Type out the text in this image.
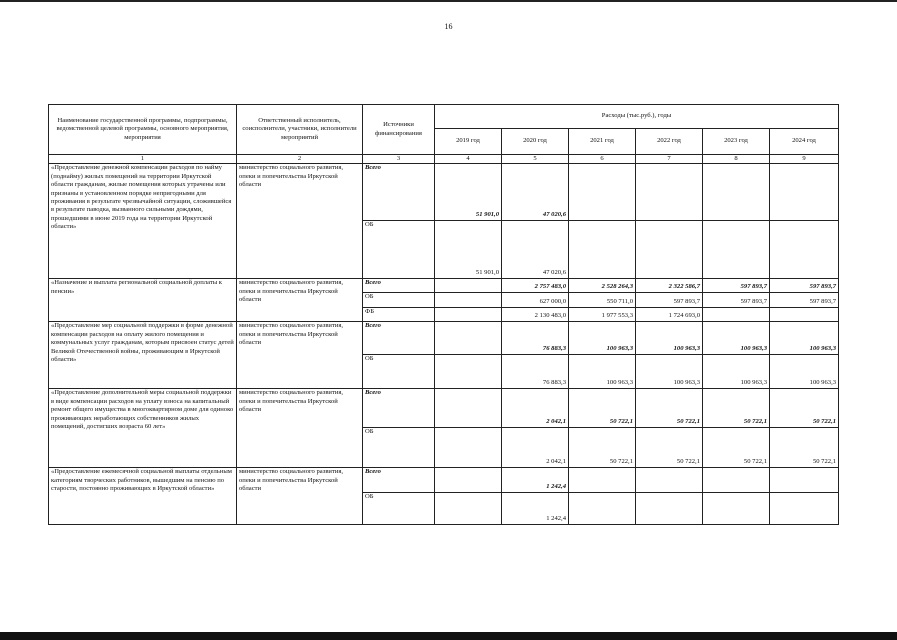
16
Наименование государственной программы, подпрограммы, ведомственной целевой программы, основного мероприятия, мероприятия	Ответственный исполнитель, соисполнители, участники, исполнители мероприятий	Источники финансирования	Расходы (тыс.руб.), годы					
			2019 год	2020 год	2021 год	2022 год	2023 год	2024 год
1	2	3	4	5	6	7	8	9
«Предоставление денежной компенсации расходов по найму (поднайму) жилых помещений на территории Иркутской области гражданам, жилые помещения которых утрачены или признаны в установленном порядке непригодными для проживания в результате чрезвычайной ситуации, сложившейся в результате паводка, вызванного сильными дождями, прошедшими в июне 2019 года на территории Иркутской области»	министерство социального развития, опеки и попечительства Иркутской области	Всего	51 901,0	47 020,6				
		ОБ	51 901,0	47 020,6				
«Назначение и выплата региональной социальной доплаты к пенсии»	министерство социального развития, опеки и попечительства Иркутской области	Всего		2 757 483,0	2 528 264,3	2 322 586,7	597 893,7	597 893,7
		ОБ		627 000,0	550 711,0	597 893,7	597 893,7	597 893,7
		ФБ		2 130 483,0	1 977 553,3	1 724 693,0		
«Предоставление мер социальной поддержки в форме денежной компенсации расходов на оплату жилого помещения и коммунальных услуг гражданам, которым присвоен статус детей Великой Отечественной войны, проживающим в Иркутской области»	министерство социального развития, опеки и попечительства Иркутской области	Всего		76 883,3	100 963,3	100 963,3	100 963,3	100 963,3
		ОБ		76 883,3	100 963,3	100 963,3	100 963,3	100 963,3
«Предоставление дополнительной меры социальной поддержки в виде компенсации расходов на уплату взноса на капитальный ремонт общего имущества в многоквартирном доме для одиноко проживающих неработающих собственников жилых помещений, достигших возраста 60 лет»	министерство социального развития, опеки и попечительства Иркутской области	Всего		2 042,1	50 722,1	50 722,1	50 722,1	50 722,1
		ОБ		2 042,1	50 722,1	50 722,1	50 722,1	50 722,1
«Предоставление ежемесячной социальной выплаты отдельным категориям творческих работников, вышедшим на пенсию по старости, постоянно проживающих в Иркутской области»	министерство социального развития, опеки и попечительства Иркутской области	Всего		1 242,4				
		ОБ		1 242,4				
